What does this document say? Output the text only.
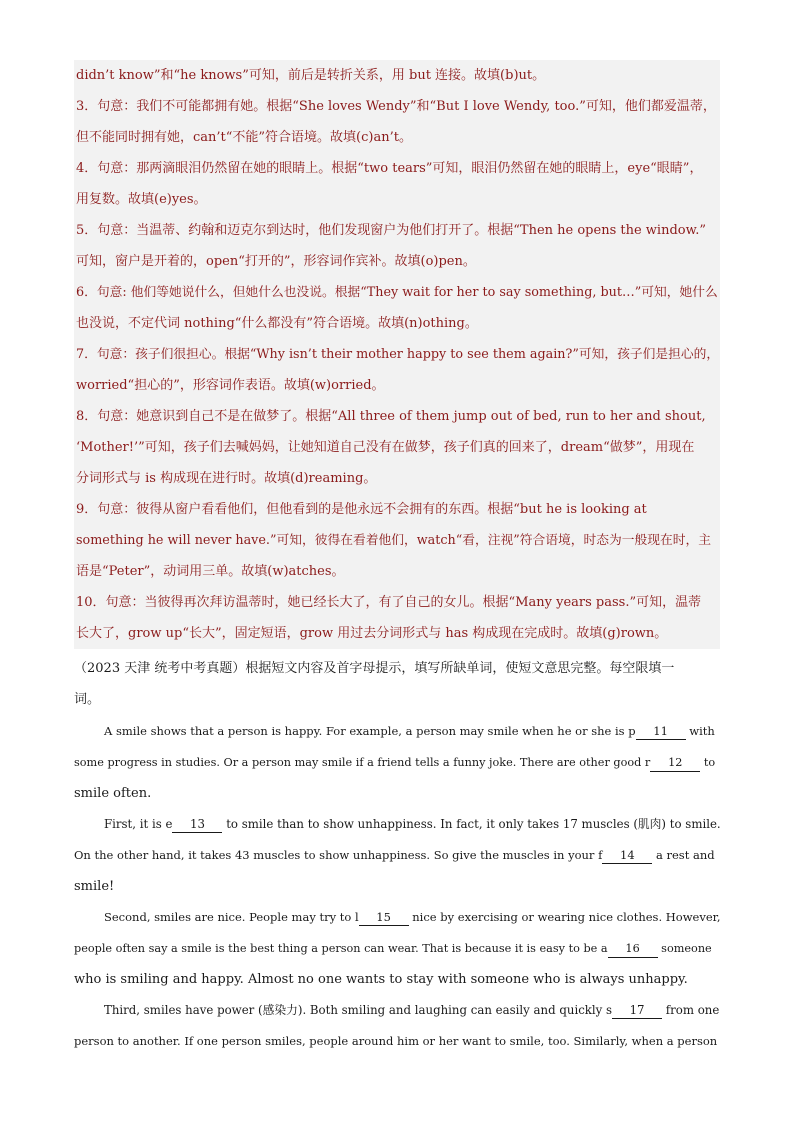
didn’t know”和“he knows”可知，前后是转折关系，用 but 连接。故填(b)ut。
3．句意：我们不可能都拥有她。根据“She loves Wendy”和“But I love Wendy, too.”可知，他们都爱温蒂，
但不能同时拥有她，can’t“不能”符合语境。故填(c)an’t。
4．句意：那两滴眼泪仍然留在她的眼睛上。根据“two tears”可知，眼泪仍然留在她的眼睛上，eye“眼睛”，
用复数。故填(e)yes。
5．句意：当温蒂、约翰和迈克尔到达时，他们发现窗户为他们打开了。根据“Then he opens the window.”
可知，窗户是开着的，open“打开的”，形容词作宾补。故填(o)pen。
6．句意: 他们等她说什么，但她什么也没说。根据“They wait for her to say something, but…”可知，她什么
也没说，不定代词 nothing“什么都没有”符合语境。故填(n)othing。
7．句意：孩子们很担心。根据“Why isn’t their mother happy to see them again?”可知，孩子们是担心的，
worried“担心的”，形容词作表语。故填(w)orried。
8．句意：她意识到自己不是在做梦了。根据“All three of them jump out of bed, run to her and shout,
‘Mother!’”可知，孩子们去喊妈妈，让她知道自己没有在做梦，孩子们真的回来了，dream“做梦”，用现在
分词形式与 is 构成现在进行时。故填(d)reaming。
9．句意：彼得从窗户看看他们，但他看到的是他永远不会拥有的东西。根据“but he is looking at
something he will never have.”可知，彼得在看着他们，watch“看，注视”符合语境，时态为一般现在时，主
语是“Peter”，动词用三单。故填(w)atches。
10．句意：当彼得再次拜访温蒂时，她已经长大了，有了自己的女儿。根据“Many years pass.”可知，温蒂
长大了，grow up“长大”，固定短语，grow 用过去分词形式与 has 构成现在完成时。故填(g)rown。
（2023 天津 统考中考真题）根据短文内容及首字母提示，填写所缺单词，使短文意思完整。每空限填一
词。
A smile shows that a person is happy. For example, a person may smile when he or she is p 11 with
some progress in studies. Or a person may smile if a friend tells a funny joke. There are other good r 12 to
smile often.
First, it is e 13 to smile than to show unhappiness. In fact, it only takes 17 muscles (肌肉) to smile.
On the other hand, it takes 43 muscles to show unhappiness. So give the muscles in your f 14 a rest and
smile!
Second, smiles are nice. People may try to l 15 nice by exercising or wearing nice clothes. However,
people often say a smile is the best thing a person can wear. That is because it is easy to be a 16 someone
who is smiling and happy. Almost no one wants to stay with someone who is always unhappy.
Third, smiles have power (感染力). Both smiling and laughing can easily and quickly s 17 from one
person to another. If one person smiles, people around him or her want to smile, too. Similarly, when a person
